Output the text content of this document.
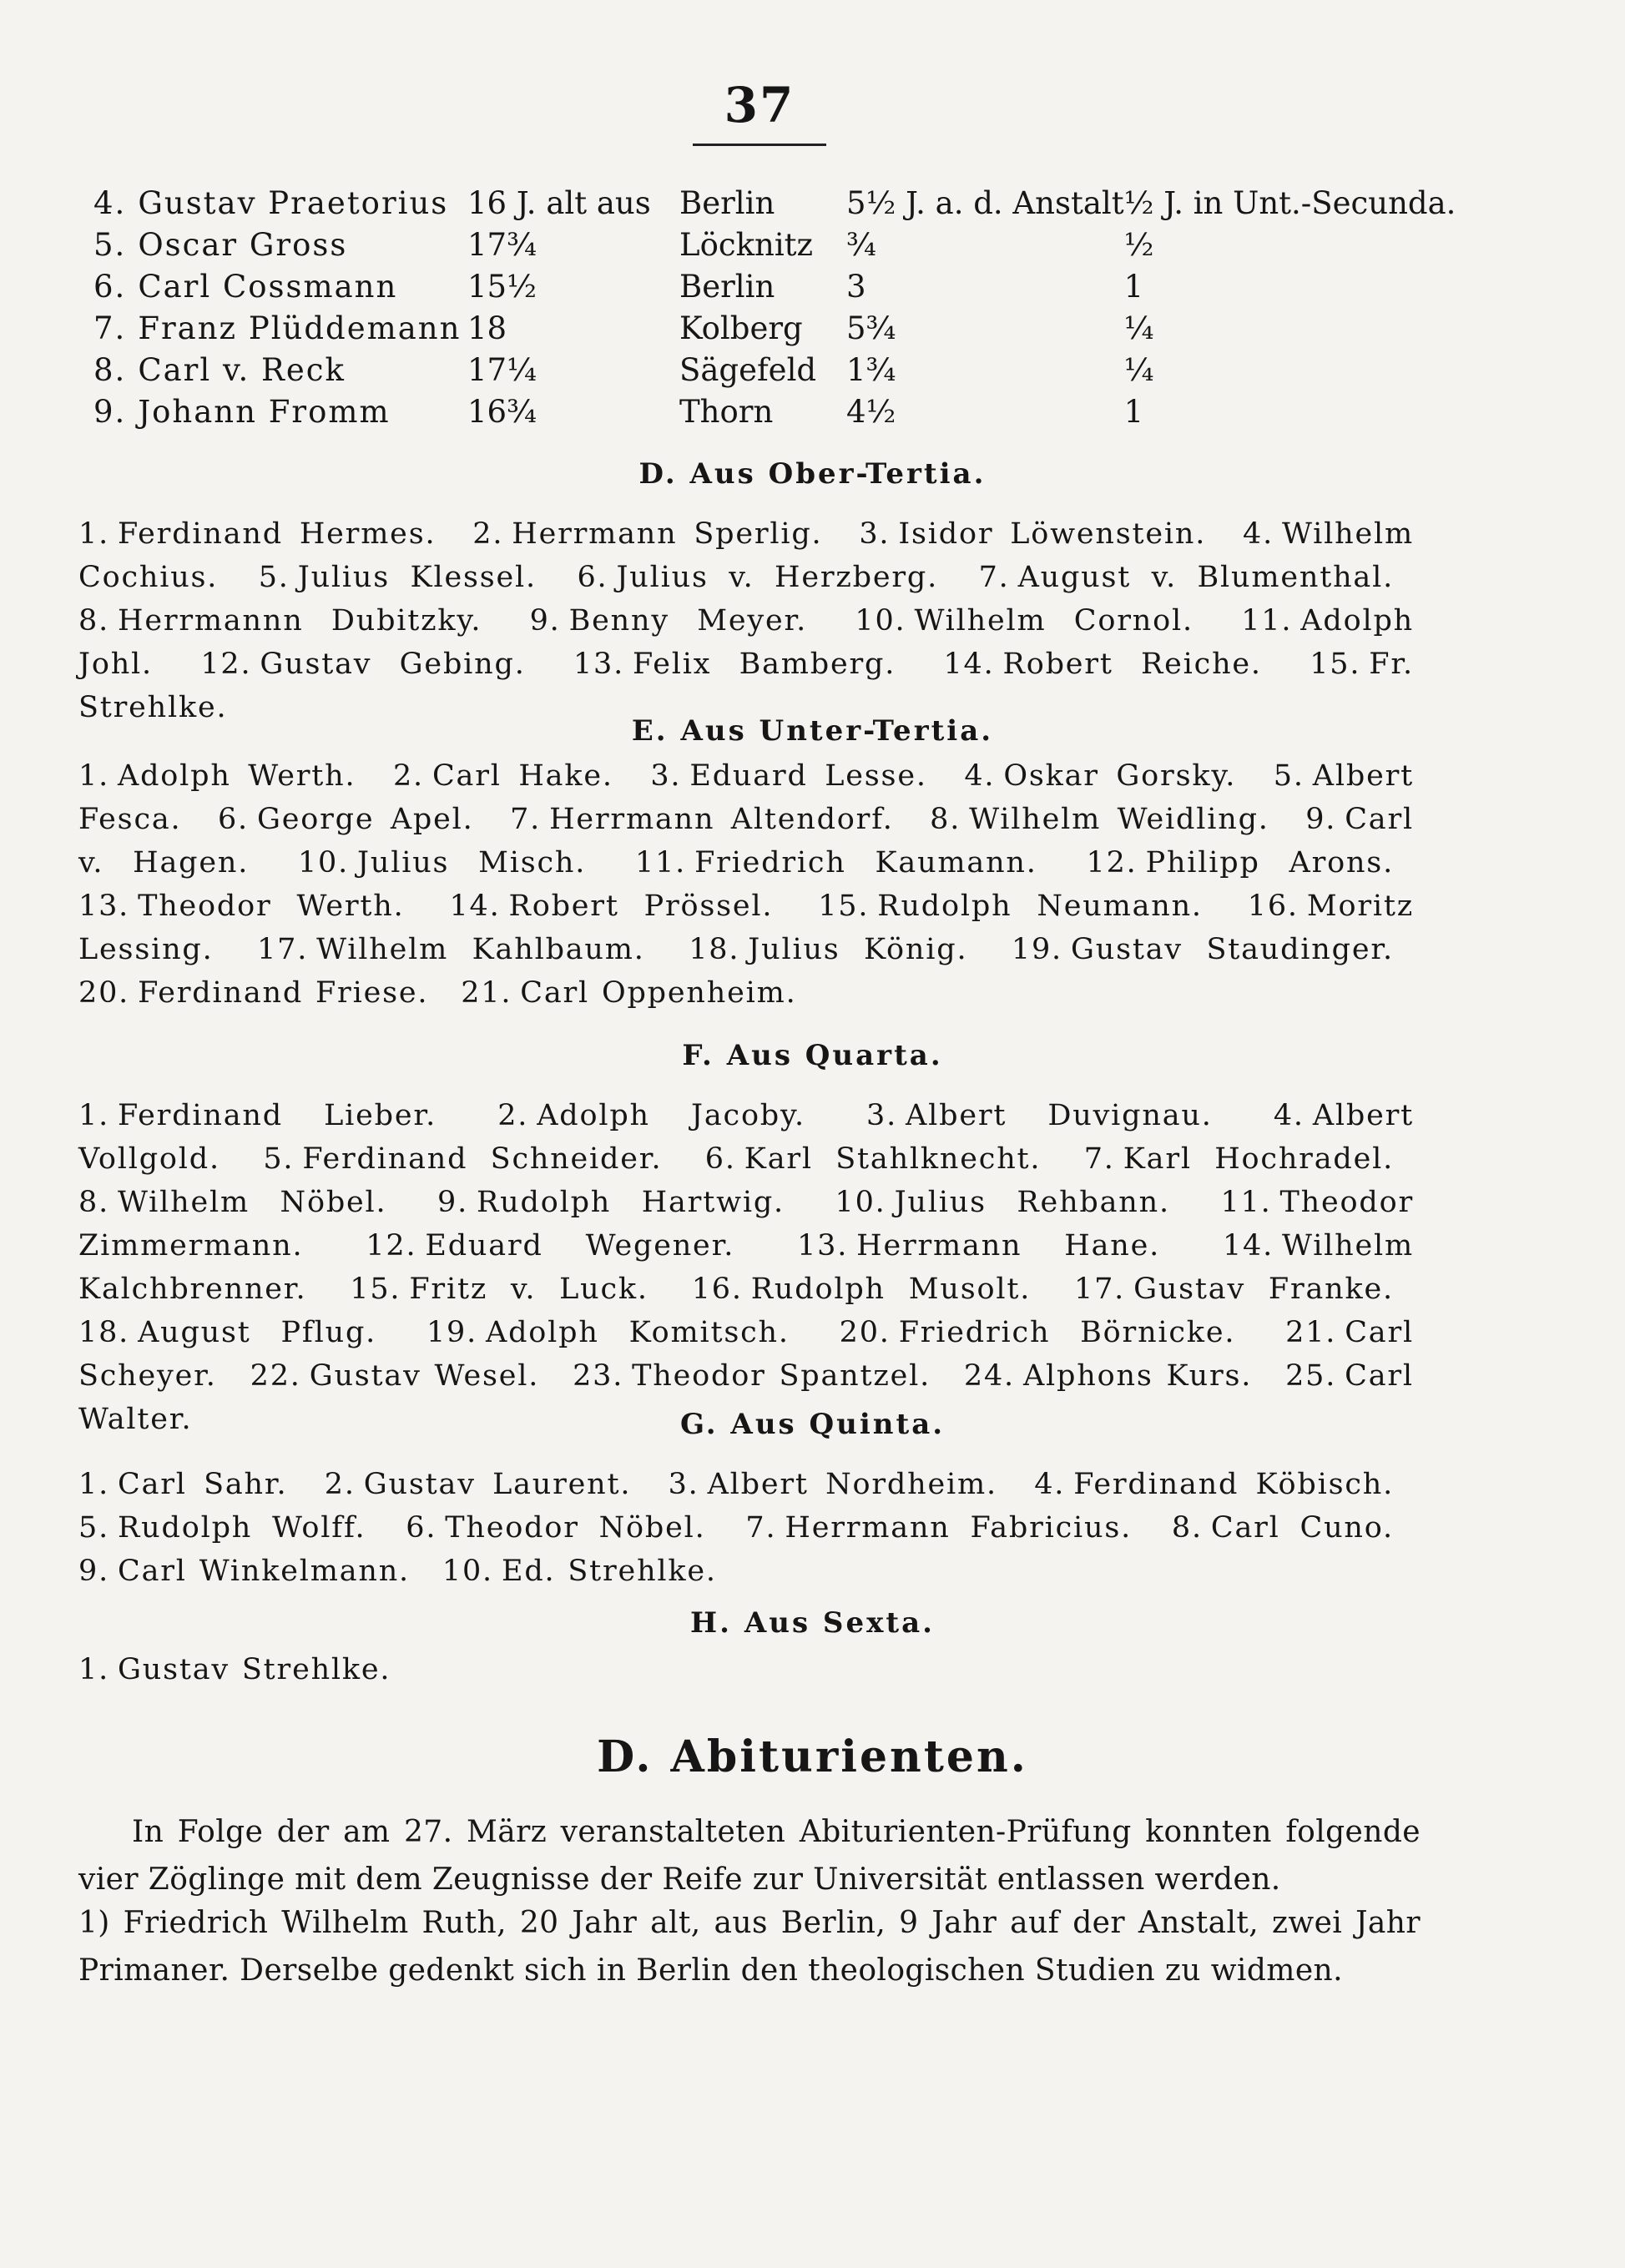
37
4. Gustav Praetorius	16 J. alt aus	Berlin	5½ J. a. d. Anstalt	½ J. in Unt.-Secunda.
5. Oscar Gross	17¾	Löcknitz	¾	½
6. Carl Cossmann	15½	Berlin	3	1
7. Franz Plüddemann	18	Kolberg	5¾	¼
8. Carl v. Reck	17¼	Sägefeld	1¾	¼
9. Johann Fromm	16¾	Thorn	4½	1
D. Aus Ober-Tertia.
1. Ferdinand Hermes. 2. Herrmann Sperlig. 3. Isidor Löwenstein. 4. Wilhelm Cochius. 5. Julius Klessel. 6. Julius v. Herzberg. 7. August v. Blumenthal. 8. Herrmannn Dubitzky. 9. Benny Meyer. 10. Wilhelm Cornol. 11. Adolph Johl. 12. Gustav Gebing. 13. Felix Bamberg. 14. Robert Reiche. 15. Fr. Strehlke.
E. Aus Unter-Tertia.
1. Adolph Werth. 2. Carl Hake. 3. Eduard Lesse. 4. Oskar Gorsky. 5. Albert Fesca. 6. George Apel. 7. Herrmann Altendorf. 8. Wilhelm Weidling. 9. Carl v. Hagen. 10. Julius Misch. 11. Friedrich Kaumann. 12. Philipp Arons. 13. Theodor Werth. 14. Robert Prössel. 15. Rudolph Neumann. 16. Moritz Lessing. 17. Wilhelm Kahlbaum. 18. Julius König. 19. Gustav Staudinger. 20. Ferdinand Friese. 21. Carl Oppenheim.
F. Aus Quarta.
1. Ferdinand Lieber. 2. Adolph Jacoby. 3. Albert Duvignau. 4. Albert Vollgold. 5. Ferdinand Schneider. 6. Karl Stahlknecht. 7. Karl Hochradel. 8. Wilhelm Nöbel. 9. Rudolph Hartwig. 10. Julius Rehbann. 11. Theodor Zimmermann. 12. Eduard Wegener. 13. Herrmann Hane. 14. Wilhelm Kalchbrenner. 15. Fritz v. Luck. 16. Rudolph Musolt. 17. Gustav Franke. 18. August Pflug. 19. Adolph Komitsch. 20. Friedrich Börnicke. 21. Carl Scheyer. 22. Gustav Wesel. 23. Theodor Spantzel. 24. Alphons Kurs. 25. Carl Walter.	G. Aus Quinta.
1. Carl Sahr. 2. Gustav Laurent. 3. Albert Nordheim. 4. Ferdinand Köbisch. 5. Rudolph Wolff. 6. Theodor Nöbel. 7. Herrmann Fabricius. 8. Carl Cuno. 9. Carl Winkelmann. 10. Ed. Strehlke.
H. Aus Sexta.
1. Gustav Strehlke.
D. Abiturienten.
In Folge der am 27. März veranstalteten Abiturienten-Prüfung konnten folgende vier Zöglinge mit dem Zeugnisse der Reife zur Universität entlassen werden.
1) Friedrich Wilhelm Ruth, 20 Jahr alt, aus Berlin, 9 Jahr auf der Anstalt, zwei Jahr Primaner. Derselbe gedenkt sich in Berlin den theologischen Studien zu widmen.
